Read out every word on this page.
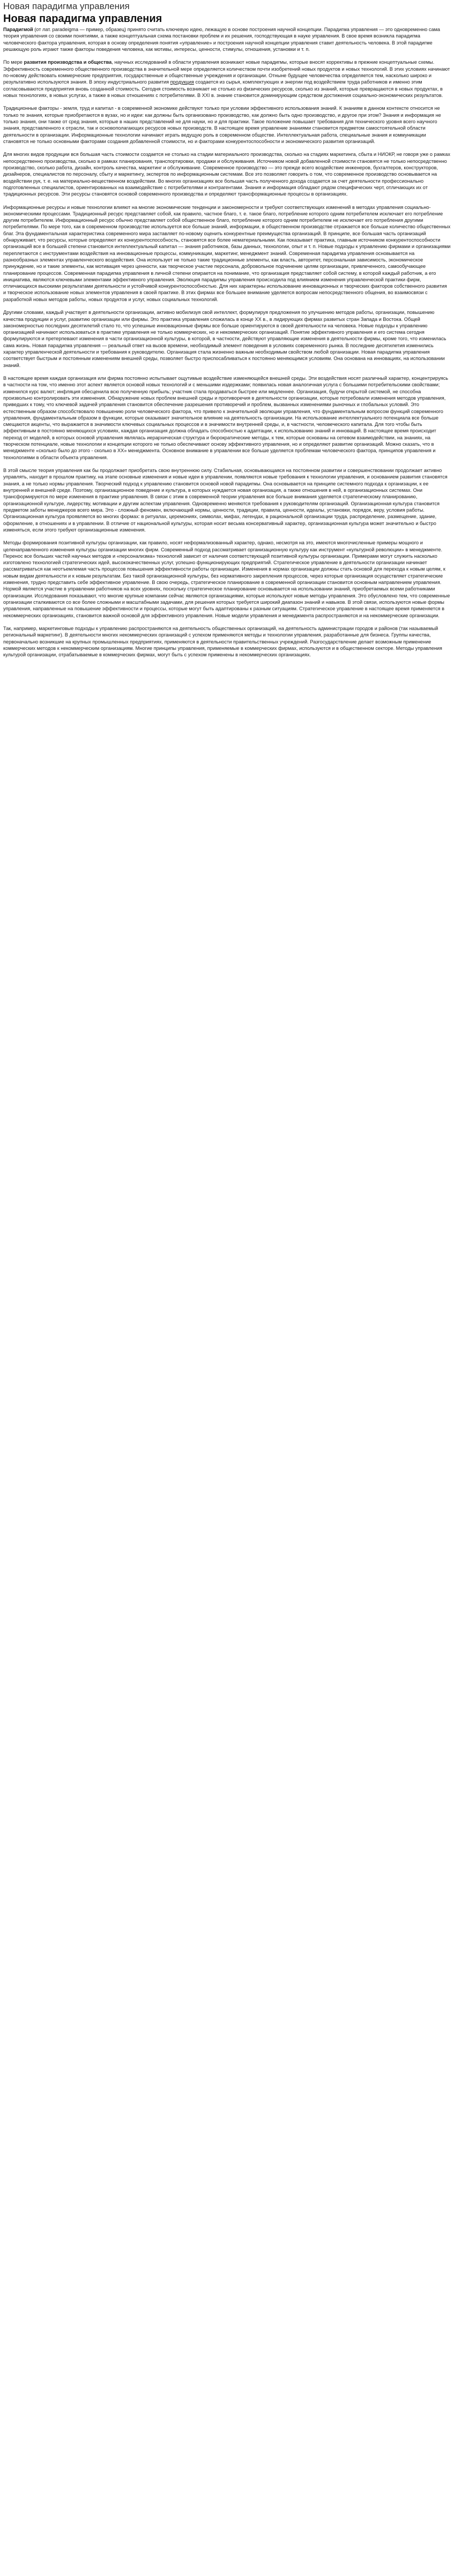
Новая парадигма управления
Новая парадигма управления

Парадигмой (от лат. paradeigma — пример, образец) принято считать ключевую идею, лежащую в основе построения научной концепции. Парадигма управления — это одновременно сама теория управления со своими понятиями, а также концептуальная схема постановки проблем и их решения, господствующая в науке управления. В свое время возникла парадигма человеческого фактора управления, которая в основу определения понятия «управление» и построения научной концепции управления ставит деятельность человека. В этой парадигме решающую роль играют также факторы поведения человека, как мотивы, интересы, ценности, стимулы, отношения, установки и т. п.

По мере развития производства и общества, научных исследований в области управления возникают новые парадигмы, которые вносят коррективы в прежние концептуальные схемы. Эффективность современного общественного производства в значительной мере определяется количеством почти изобретений новых продуктов и новых технологий. В этих условиях начинают по-новому действовать коммерческие предприятия, государственные и общественные учреждения и организации. Отныне будущее человечества определяется тем, насколько широко и результативно используются знания. В эпоху индустриального развития продукция создается из сырья, комплектующих и энергии под воздействием труда работников и именно этим согласовываются предприятия вновь созданной стоимость. Сегодня стоимость возникает не столько из физических ресурсов, сколько из знаний, которые превращаются в новых продуктах, в новых технологиях, в новых услугах, а также в новых отношениях с потребителями. В ХХI в. знание становится доминирующим средством достижения социально-экономических результатов.

Традиционные факторы - земля, труд и капитал - в современной экономике действуют только при условии эффективного использования знаний. К знаниям в данном контексте относится не только те знания, которые приобретаются в вузах, но и идеи: как должны быть организовано производство, как должно быть одно производство, и другое при этом? Знания и информация не только знания, они также от сред знания, которые в наших представлений не для науки, но и для практики. Такое положение повышает требования для технического уровня всего научного знания, представленного к отрасли, так и основополагающих ресурсов новых производств. В настоящее время управление знаниями становится предметом самостоятельной области деятельности в организации. Информационные технологии начинают играть ведущую роль в современном обществе. Интеллектуальная работа, специальные знания и коммуникации становятся не только основными факторами создания добавленной стоимости, но и факторами конкурентоспособности и экономического развития организаций.

Для многих видов продукции вся большая часть стоимости создается не столько на стадии материального производства, сколько на стадиях маркетинга, сбыта и НИОКР, не говоря уже о рамках непосредственно производства, сколько в рамках планирования, транспортировки, продажи и обслуживания. Источником новой добавленной стоимости становятся не только непосредственно производство, сколько работа, дизайн, контроль качества, маркетинг и обслуживание. Современное производство — это прежде всего воздействие инженеров, бухгалтеров, конструкторов, дизайнеров, специалистов по персоналу, сбыту и маркетингу, экспертов по информационным системам. Все это позволяет говорить о том, что современное производство основывается на воздействии рук, т. е. на материально-вещественном воздействии. Во многих организациях все большая часть полученного дохода создается за счет деятельности профессионально подготовленных специалистов, ориентированных на взаимодействие с потребителями и контрагентами. Знания и информация обладают рядом специфических черт, отличающих их от традиционных ресурсов. Эти ресурсы становятся основой современного производства и определяют трансформационные процессы в организациях.

Информационные ресурсы и новые технологии влияют на многие экономические тенденции и закономерности и требуют соответствующих изменений в методах управления социально-экономическими процессами. Традиционный ресурс представляет собой, как правило, частное благо, т. е. такое благо, потребление которого одним потребителем исключает его потребление другим потребителем. Информационный ресурс обычно представляет собой общественное благо, потребление которого одним потребителем не исключает его потребления другими потребителями. По мере того, как в современном производстве используется все больше знаний, информации, в общественном производстве отражается все больше количество общественных благ. Эта фундаментальная характеристика современного мира заставляет по-новому оценить конкурентные преимущества организаций. В принципе, все большая часть организаций обнаруживает, что ресурсы, которые определяют их конкурентоспособность, становятся все более нематериальными. Как показывает практика, главным источником конкурентоспособности организаций все в большей степени становится интеллектуальный капитал — знания работников, базы данных, технологии, опыт и т. п. Новые подходы к управлению фирмами и организациями переплетаются с инструментами воздействия на инновационные процессы, коммуникации, маркетинг, менеджмент знаний. Современная парадигма управления основывается на разнообразных элементах управленческого воздействия. Она использует не только такие традиционные элементы, как власть, авторитет, персональная зависимость, экономическое принуждение, но и такие элементы, как мотивация через ценности, как творческое участие персонала, добровольное подчинение целям организации, привлеченного, самообучающее планирование процессов. Современная парадигма управления в личной степени опирается на понимание, что организация представляет собой систему, в которой каждый работник, а его инициатива, являются ключевыми элементами эффективного управления. Эволюция парадигмы управления происходила под влиянием изменения управленческой практики фирм, отличающихся высокими результатами деятельности и устойчивой конкурентоспособностью. Для них характерны использование инновационных и творческих факторов собственного развития и творческое использование новых элементов управления в своей практике. В этих фирмах все большее внимание уделяется вопросам непосредственного общения, во взаимосвязи с разработкой новых методов работы, новых продуктов и услуг, новых социальных технологий.

Другими словами, каждый участвует в деятельности организации, активно мобилизуя свой интеллект, формулируя предложения по улучшению методов работы, организации, повышению качества продукции и услуг, развитию организации или фирмы. Это практика управления сложилась в конце ХХ в., в лидирующих фирмах развитых стран Запада и Востока. Общей закономерностью последних десятилетий стало то, что успешные инновационные фирмы все больше ориентируются в своей деятельности на человека. Новые подходы к управлению организацией начинают использоваться в практике управления не только коммерческих, но и некоммерческих организаций. Понятие эффективного управления и его система сегодня формулируются и претерпевают изменения в части организационной культуры, в которой, в частности, действуют управляющие изменения в деятельности фирмы, кроме того, что изменилась сама жизнь. Новая парадигма управления — реальный ответ на вызов времени, необходимый элемент поведения в условиях современного рынка. В последние десятилетия изменились характер управленческой деятельности и требования к руководителю. Организация стала жизненно важным необходимым свойством любой организации. Новая парадигма управления соответствует быстрым и постоянным изменениям внешней среды, позволяет быстро приспосабливаться к постоянно меняющимся условиям. Она основана на инновациях, на использовании знаний.

В настоящее время каждая организация или фирма постоянно испытывает ощутимые воздействие изменяющейся внешней среды. Эти воздействия носят различный характер, концентрируясь в частности на том, что именно этот аспект является основой новых технологий и с меньшими издержками; появилась новая аналогичная услуга с большими потребительскими свойствами; изменился курс валют; инфляция обесценила всю полученную прибыль; участник стала продаваться быстрее или медленнее. Организация, будучи открытой системой, не способна произвольно контролировать эти изменения. Обнаружение новых проблем внешней среды и противоречия в деятельности организации, которые потребовали изменения методов управления, приведших к тому, что ключевой задачей управления становится обеспечение разрешения противоречий и проблем, вызванных изменениями рыночных и глобальных условий. Это естественным образом способствовало повышению роли человеческого фактора, что привело к значительной эволюции управления, что фундаментальным вопросом функций современного управления, фундаментальным образом в функции, которые оказывают значительное влияние на деятельность организации. На использование интеллектуального потенциала все больше смещаются акценты, что выражается в значимости ключевых социальных процессов и в значимости внутренней среды, и, в частности, человеческого капитала. Для того чтобы быть эффективным в постоянно меняющихся условиях, каждая организация должна обладать способностью к адаптации, к использованию знаний и инноваций. В настоящее время происходит переход от моделей, в которых основой управления являлась иерархическая структура и бюрократические методы, к тем, которые основаны на сетевом взаимодействии, на знаниях, на творческом потенциале, новые технологии и концепции которого не только обеспечивают основу эффективного управления, но и определяют развитие организаций. Можно сказать, что в менеджменте «сколько было до этого - сколько в ХХ» менеджмента. Основное внимание в управлении все больше уделяется проблемам человеческого фактора, принципов управления и технологиями в области объекта управления.

В этой смысле теория управления как бы продолжает приобретать свою внутреннюю силу. Стабильная, основывающаяся на постоянном развитии и совершенствовании продолжает активно управлять, находит в прошлом практику, на этапе основные изменения и новые идеи в управлении, появляются новые требования к технологии управления, и основанием развития становятся знания, а не только нормы управления. Творческий подход к управлению становится основой новой парадигмы. Она основывается на принципе системного подхода к организации, к ее внутренней и внешней среде. Поэтому, организационное поведение и культура, в которых нуждается новая организация, а также отношения в ней, в организационных системах. Они трансформируются по мере изменения в практике управления. В связи с этим в современной теории управления все больше внимания уделяется стратегическому планированию, организационной культуре, лидерству, мотивации и другим аспектам управления. Одновременно меняются требования к руководителям организаций. Организационная культура становится предметом заботы менеджеров всего мира. Это - сложный феномен, включающий нормы, ценности, традиции, правила, ценности, идеалы, установки, порядок, веру, условия работы. Организационная культура проявляется во многих формах: в ритуалах, церемониях, символах, мифах, легендах, в рациональной организации труда, распределение, размещение, здание, оформление, в отношениях и в управлении. В отличие от национальной культуры, которая носит весьма консервативный характер, организационная культура может значительно и быстро изменяться, если этого требуют организационные изменения.

Методы формирования позитивной культуры организации, как правило, носят неформализованный характер, однако, несмотря на это, имеются многочисленные примеры мощного и целенаправленного изменения культуры организации многих фирм. Современный подход рассматривает организационную культуру как инструмент «культурной революции» в менеджменте. Перенос все больших частей научных методов и «персонализма» технологий зависит от наличия соответствующей позитивной культуры организации. Примерами могут служить насколько изготовлено технологией стратегических идей, высококачественных услуг, успешно функционирующих предприятий. Стратегическое управление в деятельности организации начинает рассматриваться как неотъемлемая часть процессов повышения эффективности работы организации. Изменения в нормах организации должны стать основой для перехода к новым целям, к новым видам деятельности и к новым результатам. Без такой организационной культуры, без нормативного закрепления процессов, через которые организация осуществляет стратегические изменения, трудно представить себе эффективное управление. В свою очередь, стратегическое планирование в современной организации становится основным направлением управления. Нормой является участие в управлении работников на всех уровнях, поскольку стратегическое планирование основывается на использовании знаний, приобретаемых всеми работниками организации. Исследования показывают, что многие крупные компании сейчас являются организациями, которые используют новые методы управления. Это обусловлено тем, что современные организации сталкиваются со все более сложными и масштабными задачами, для решения которых требуется широкий диапазон знаний и навыков. В этой связи, используются новые формы управления, направленные на повышение эффективности и процессы, которые могут быть адаптированы к разным ситуациям. Стратегическое управление в настоящее время применяется в некоммерческих организациях, становится важной основой для эффективного управления. Новые модели управления и менеджмента распространяются и на некоммерческие организации.

Так, например, маркетинговые подходы к управлению распространяются на деятельность общественных организаций, на деятельность администрации городов и районов (так называемый региональный маркетинг). В деятельности многих некоммерческих организаций с успехом применяются методы и технологии управления, разработанные для бизнеса. Группы качества, первоначально возникшие на крупных промышленных предприятиях, применяются в деятельности правительственных учреждений. Разгосударствление делает возможным применение коммерческих методов к некоммерческим организациям. Многие принципы управления, применяемые в коммерческих фирмах, используются и в общественном секторе. Методы управления культурой организации, отрабатываемые в коммерческих фирмах, могут быть с успехом применены в некоммерческих организациях.
